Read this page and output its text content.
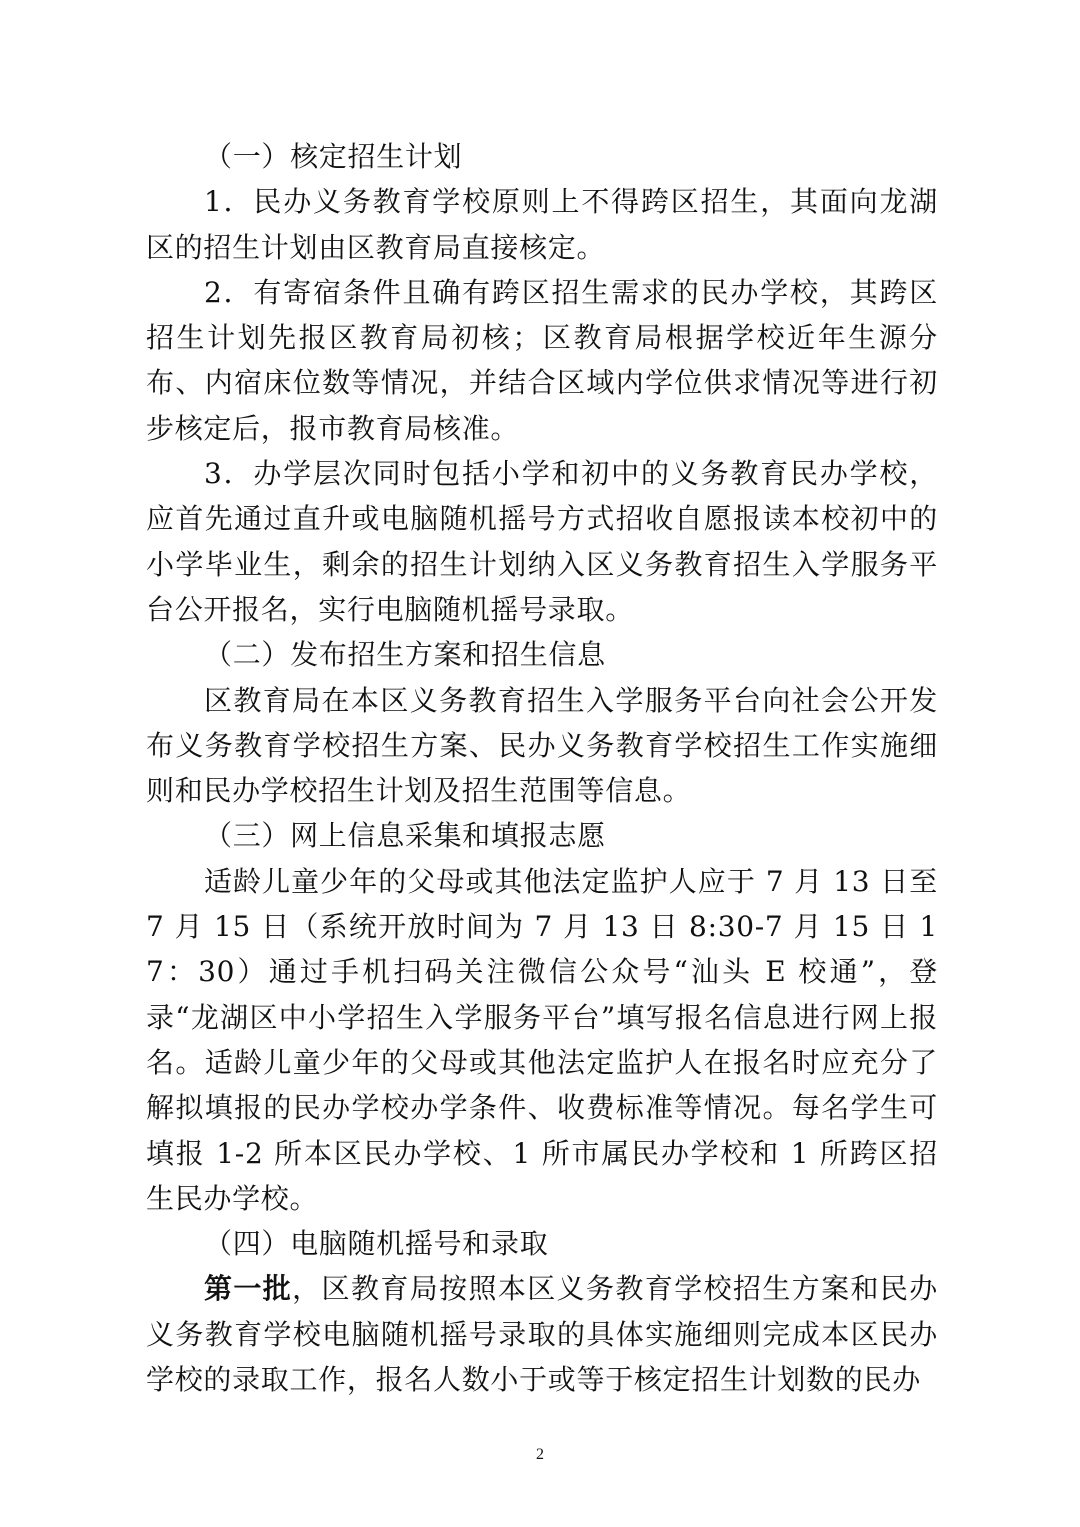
（一）核定招生计划

1．民办义务教育学校原则上不得跨区招生，其面向龙湖区的招生计划由区教育局直接核定。

2．有寄宿条件且确有跨区招生需求的民办学校，其跨区招生计划先报区教育局初核；区教育局根据学校近年生源分布、内宿床位数等情况，并结合区域内学位供求情况等进行初步核定后，报市教育局核准。

3．办学层次同时包括小学和初中的义务教育民办学校，应首先通过直升或电脑随机摇号方式招收自愿报读本校初中的小学毕业生，剩余的招生计划纳入区义务教育招生入学服务平台公开报名，实行电脑随机摇号录取。

（二）发布招生方案和招生信息

区教育局在本区义务教育招生入学服务平台向社会公开发布义务教育学校招生方案、民办义务教育学校招生工作实施细则和民办学校招生计划及招生范围等信息。

（三）网上信息采集和填报志愿

适龄儿童少年的父母或其他法定监护人应于 7 月 13 日至 7 月 15 日（系统开放时间为 7 月 13 日 8:30-7 月 15 日 17：30）通过手机扫码关注微信公众号“汕头 E 校通”，登录“龙湖区中小学招生入学服务平台”填写报名信息进行网上报名。适龄儿童少年的父母或其他法定监护人在报名时应充分了解拟填报的民办学校办学条件、收费标准等情况。每名学生可填报 1-2 所本区民办学校、1 所市属民办学校和 1 所跨区招生民办学校。

（四）电脑随机摇号和录取

第一批，区教育局按照本区义务教育学校招生方案和民办义务教育学校电脑随机摇号录取的具体实施细则完成本区民办学校的录取工作，报名人数小于或等于核定招生计划数的民办

2
